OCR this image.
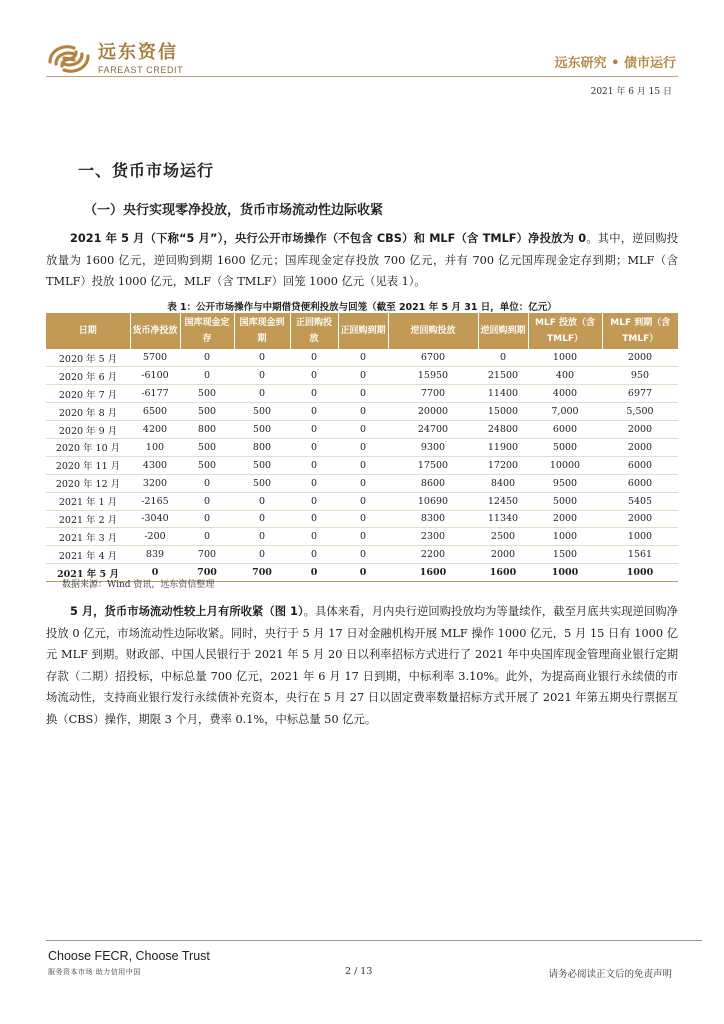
远东资信
FAREAST CREDIT	远东研究 • 债市运行
2021 年 6 月 15 日
一、货币市场运行
（一）央行实现零净投放，货币市场流动性边际收紧
2021 年 5 月（下称“5 月”），央行公开市场操作（不包含 CBS）和 MLF（含 TMLF）净投放为 0。其中，逆回购投放量为 1600 亿元，逆回购到期 1600 亿元；国库现金定存投放 700 亿元，并有 700 亿元国库现金定存到期；MLF（含 TMLF）投放 1000 亿元，MLF（含 TMLF）回笼 1000 亿元（见表 1）。
表 1：公开市场操作与中期借贷便利投放与回笼（截至 2021 年 5 月 31 日，单位：亿元）
日期	货币净投放	国库现金定存	国库现金到期	正回购投放	正回购到期	逆回购投放	逆回购到期	MLF 投放（含 TMLF）	MLF 到期（含 TMLF）
2020 年 5 月	5700	0	0	0	0	6700	0	1000	2000
2020 年 6 月	-6100	0	0	0	0	15950	21500	400	950
2020 年 7 月	-6177	500	0	0	0	7700	11400	4000	6977
2020 年 8 月	6500	500	500	0	0	20000	15000	7,000	5,500
2020 年 9 月	4200	800	500	0	0	24700	24800	6000	2000
2020 年 10 月	100	500	800	0	0	9300	11900	5000	2000
2020 年 11 月	4300	500	500	0	0	17500	17200	10000	6000
2020 年 12 月	3200	0	500	0	0	8600	8400	9500	6000
2021 年 1 月	-2165	0	0	0	0	10690	12450	5000	5405
2021 年 2 月	-3040	0	0	0	0	8300	11340	2000	2000
2021 年 3 月	-200	0	0	0	0	2300	2500	1000	1000
2021 年 4 月	839	700	0	0	0	2200	2000	1500	1561
2021 年 5 月	0	700	700	0	0	1600	1600	1000	1000
数据来源：Wind 资讯，远东资信整理
5 月，货币市场流动性较上月有所收紧（图 1）。具体来看，月内央行逆回购投放均为等量续作，截至月底共实现逆回购净投放 0 亿元，市场流动性边际收紧。同时，央行于 5 月 17 日对金融机构开展 MLF 操作 1000 亿元，5 月 15 日有 1000 亿元 MLF 到期。财政部、中国人民银行于 2021 年 5 月 20 日以利率招标方式进行了 2021 年中央国库现金管理商业银行定期存款（二期）招投标，中标总量 700 亿元，2021 年 6 月 17 日到期，中标利率 3.10%。此外，为提高商业银行永续债的市场流动性，支持商业银行发行永续债补充资本，央行在 5 月 27 日以固定费率数量招标方式开展了 2021 年第五期央行票据互换（CBS）操作，期限 3 个月，费率 0.1%，中标总量 50 亿元。
Choose FECR, Choose Trust
服务资本市场 助力信用中国	2 / 13	请务必阅读正文后的免责声明
